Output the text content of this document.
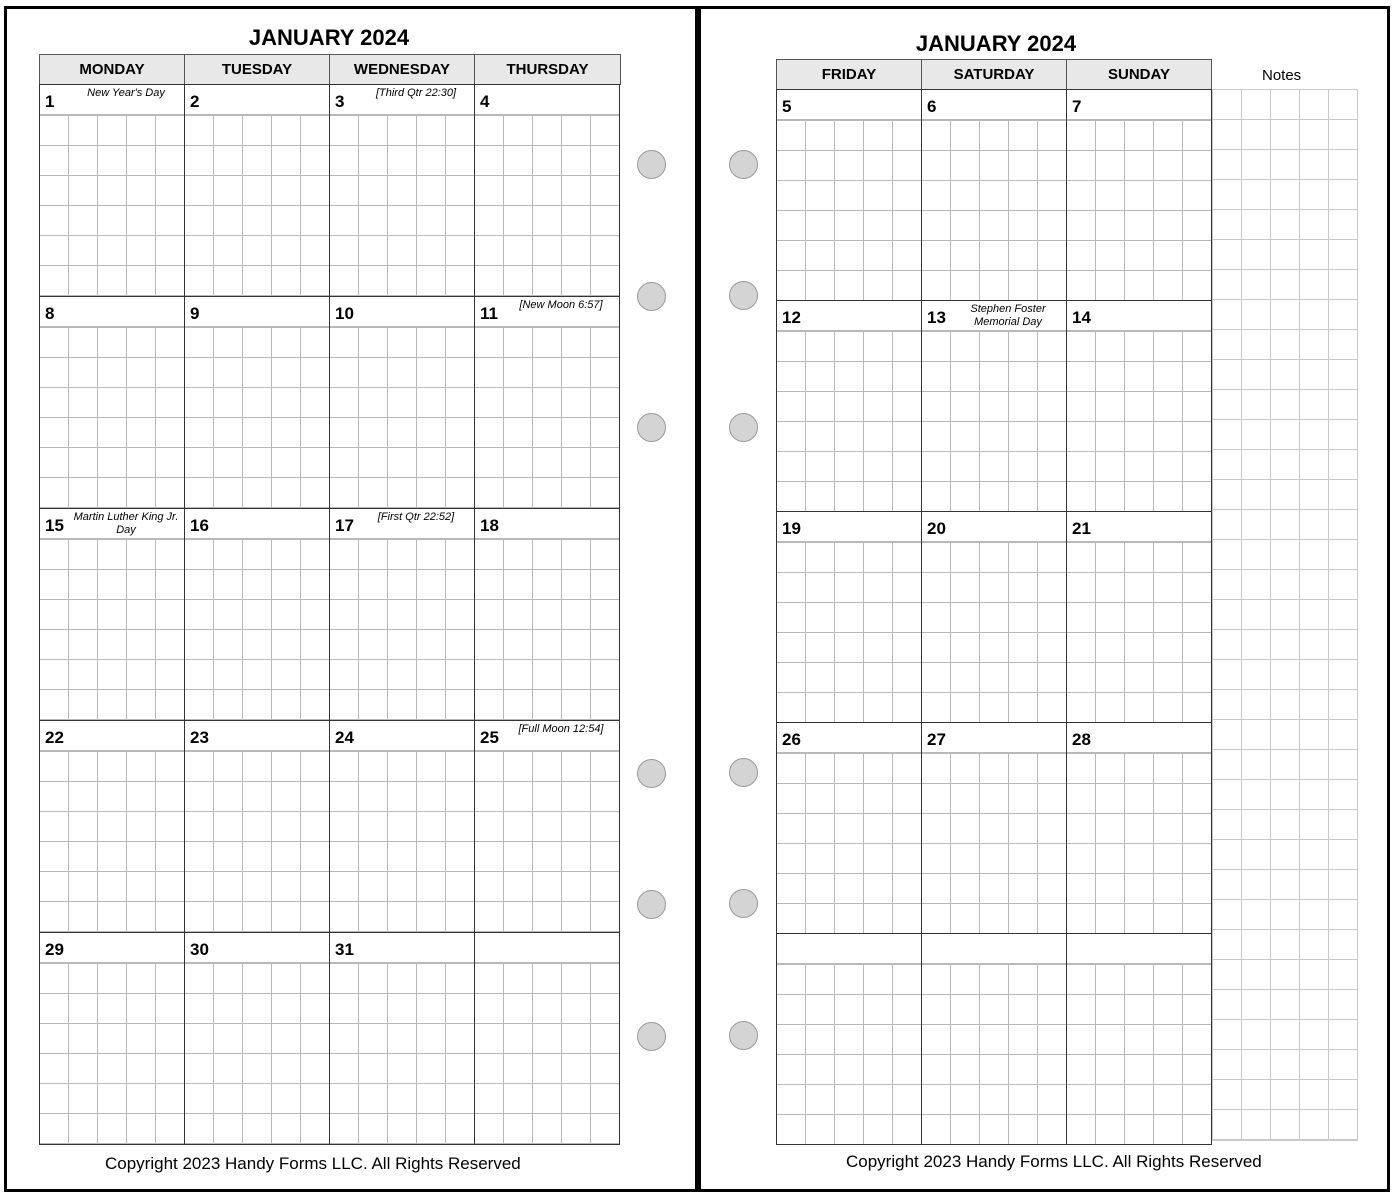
JANUARY 2024
MONDAY	TUESDAY	WEDNESDAY	THURSDAY
1	New Year's Day	2	3	[Third Qtr 22:30]	4
8	9	10	11	[New Moon 6:57]
15 Martin Luther King Jr. Day	16	17	[First Qtr 22:52]	18
22	23	24	25	[Full Moon 12:54]
29	30	31
Copyright 2023 Handy Forms LLC. All Rights Reserved
JANUARY 2024
FRIDAY	SATURDAY	SUNDAY	Notes
5	6	7
12	13	Stephen Foster Memorial Day	14
19	20	21
26	27	28
Copyright 2023 Handy Forms LLC. All Rights Reserved
